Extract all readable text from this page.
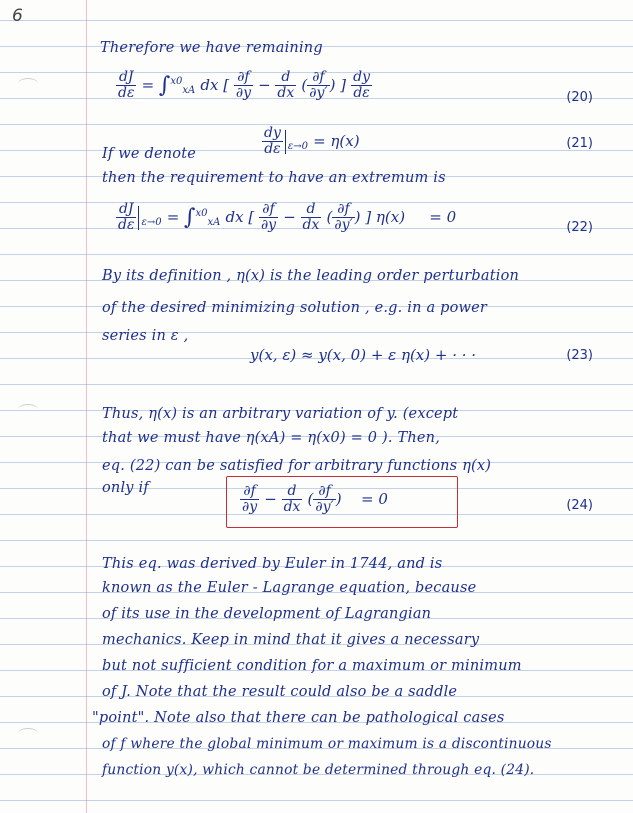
6
Therefore we have remaining
$\frac{dJ}{d\varepsilon} = \int^{x0}_{xA}$ dx [ $\frac{\partial f}{\partial y} - \frac{d}{dx}$ ( $\frac{\partial f}{\partial y'}$ ) ] $\frac{dy}{d\varepsilon}$	(20)
If we denote	$\frac{dy}{d\varepsilon} _{\varepsilon\to 0} = \eta(x)$	(21)
then the requirement to have an extremum is
$\frac{dJ}{d\varepsilon} _{\varepsilon\to 0} = \int^{x0}_{xA}$ dx [ $\frac{\partial f}{\partial y} - \frac{d}{dx}$ ( $\frac{\partial f}{\partial y'}$ ) ] η(x)     = 0
(22)
By its definition , η(x) is the leading order perturbation
of the desired minimizing solution , e.g. in a power
series in ε ,
y(x, ε) ≈ y(x, 0) + ε η(x) + · · ·	(23)
Thus, η(x) is an arbitrary variation of y. (except
that we must have η(xA) = η(x0) = 0 ). Then,
eq. (22) can be satisfied for arbitrary functions η(x)
only if	$\frac{\partial f}{\partial y} - \frac{d}{dx}$ ( $\frac{\partial f}{\partial y'}$ )    = 0	(24)
This eq. was derived by Euler in 1744, and is
known as the Euler - Lagrange equation, because
of its use in the development of Lagrangian
mechanics. Keep in mind that it gives a necessary
but not sufficient condition for a maximum or minimum
of J. Note that the result could also be a saddle
"point". Note also that there can be pathological cases
of f where the global minimum or maximum is a discontinuous
function y(x), which cannot be determined through eq. (24).
